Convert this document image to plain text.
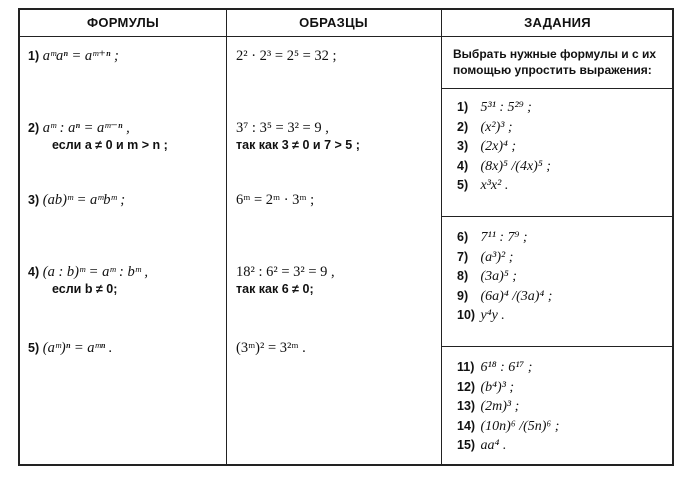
ФОРМУЛЫ	ОБРАЗЦЫ	ЗАДАНИЯ
1) aᵐaⁿ = aᵐ⁺ⁿ ;
2) aᵐ : aⁿ = aᵐ⁻ⁿ ,
если a ≠ 0 и m > n ;
3) (ab)ᵐ = aᵐbᵐ ;
4) (a : b)ᵐ = aᵐ : bᵐ ,
если b ≠ 0;
5) (aᵐ)ⁿ = aᵐⁿ .
2² · 2³ = 2⁵ = 32 ;
3⁷ : 3⁵ = 3² = 9 ,
так как 3 ≠ 0 и 7 > 5 ;
6ᵐ = 2ᵐ · 3ᵐ ;
18² : 6² = 3² = 9 ,
так как 6 ≠ 0;
(3ᵐ)² = 3²ᵐ .
Выбрать нужные формулы и с их помощью упростить выражения:
1) 5³¹ : 5²⁹ ;
2) (x²)³ ;
3) (2x)⁴ ;
4) (8x)⁵ /(4x)⁵ ;
5) x³x² .
6) 7¹¹ : 7⁹ ;
7) (a³)² ;
8) (3a)⁵ ;
9) (6a)⁴ /(3a)⁴ ;
10) y⁴y .
11) 6¹⁸ : 6¹⁷ ;
12) (b⁴)³ ;
13) (2m)³ ;
14) (10n)⁶ /(5n)⁶ ;
15) aa⁴ .
